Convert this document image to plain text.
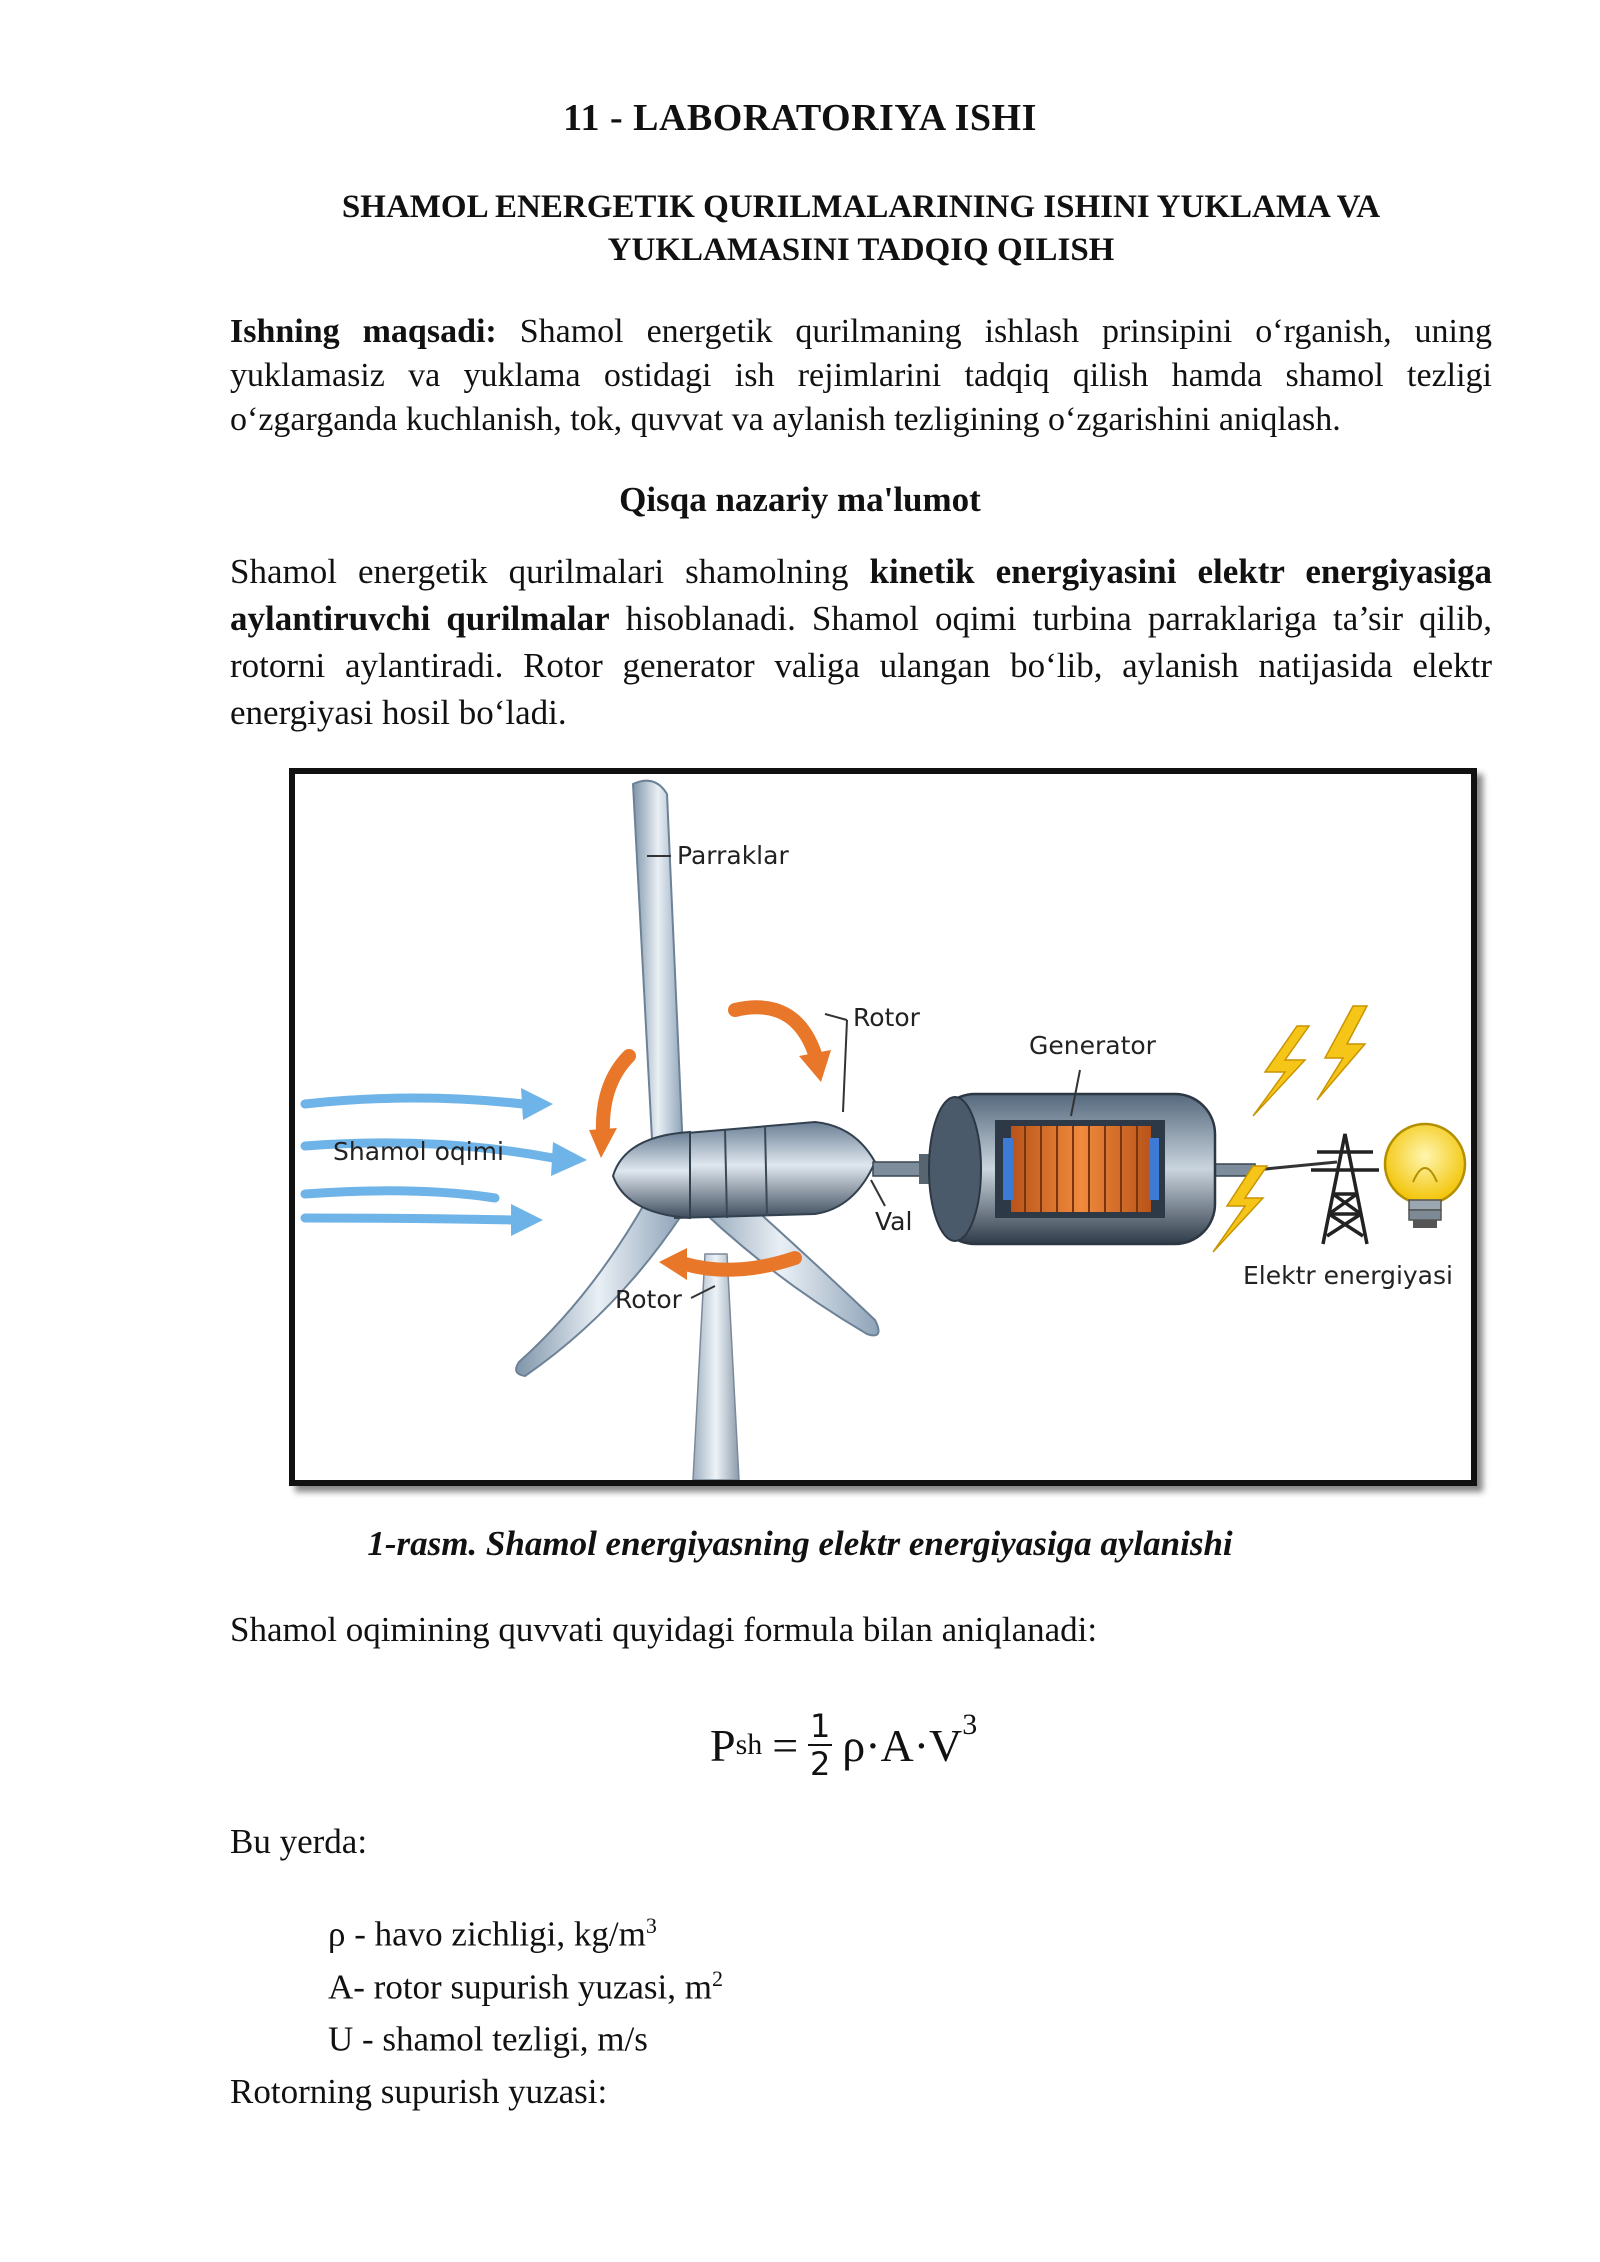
11 - LABORATORIYA ISHI
SHAMOL ENERGETIK QURILMALARINING ISHINI YUKLAMA VA
YUKLAMASINI TADQIQ QILISH
Ishning maqsadi: Shamol energetik qurilmaning ishlash prinsipini o‘rganish, uning yuklamasiz va yuklama ostidagi ish rejimlarini tadqiq qilish hamda shamol tezligi o‘zgarganda kuchlanish, tok, quvvat va aylanish tezligining o‘zgarishini aniqlash.
Qisqa nazariy ma'lumot
Shamol energetik qurilmalari shamolning kinetik energiyasini elektr energiyasiga aylantiruvchi qurilmalar hisoblanadi. Shamol oqimi turbina parraklariga ta’sir qilib, rotorni aylantiradi. Rotor generator valiga ulangan bo‘lib, aylanish natijasida elektr energiyasi hosil bo‘ladi.
Parraklar
Rotor
Generator
Shamol oqimi
Val
Rotor
Elektr energiyasi
1-rasm. Shamol energiyasning elektr energiyasiga aylanishi
Shamol oqimining quvvati quyidagi formula bilan aniqlanadi:
P sh = $\frac{1}{2} \rho\cdot A\cdot V^3$
Bu yerda:
ρ - havo zichligi, $kg/m^3$
A- rotor supurish yuzasi, $m^2$
U - shamol tezligi, m/s
Rotorning supurish yuzasi:
